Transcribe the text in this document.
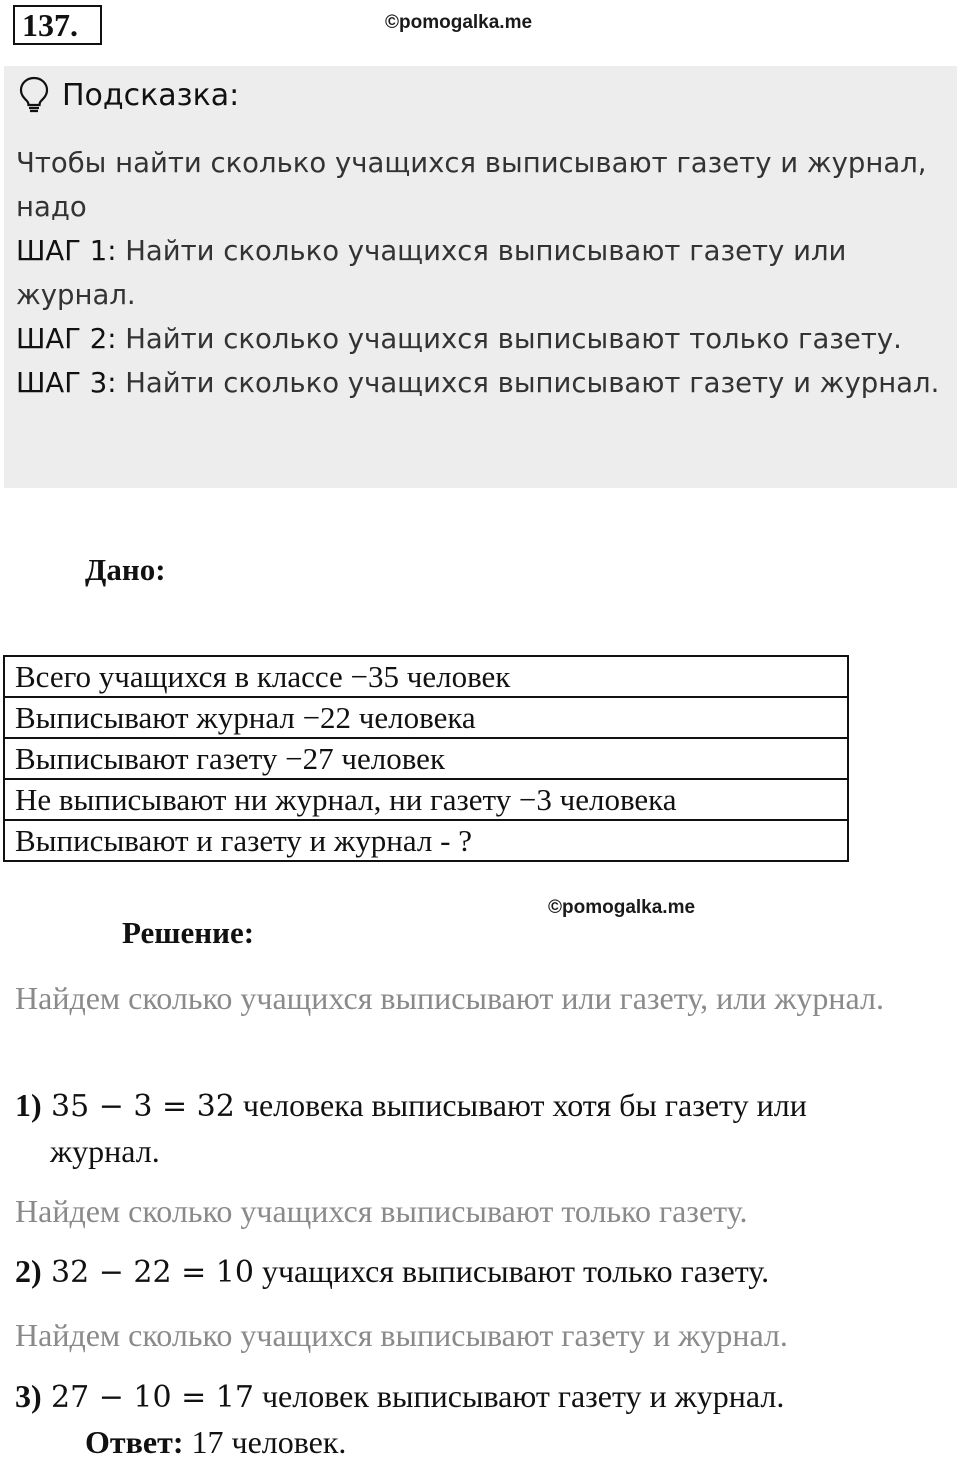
137.	©pomogalka.me
Подсказка:
Чтобы найти сколько учащихся выписывают газету и журнал, надо
ШАГ 1: Найти сколько учащихся выписывают газету или журнал.
ШАГ 2: Найти сколько учащихся выписывают только газету.
ШАГ 3: Найти сколько учащихся выписывают газету и журнал.
Дано:
Всего учащихся в классе −35 человек
Выписывают журнал −22 человека
Выписывают газету −27 человек
Не выписывают ни журнал, ни газету −3 человека
Выписывают и газету и журнал - ?
©pomogalka.me
Решение:
Найдем сколько учащихся выписывают или газету, или журнал.
1) 35 − 3 = 32 человека выписывают хотя бы газету или
журнал.
Найдем сколько учащихся выписывают только газету.
2) 32 − 22 = 10 учащихся выписывают только газету.
Найдем сколько учащихся выписывают газету и журнал.
3) 27 − 10 = 17 человек выписывают газету и журнал.
Ответ: 17 человек.
